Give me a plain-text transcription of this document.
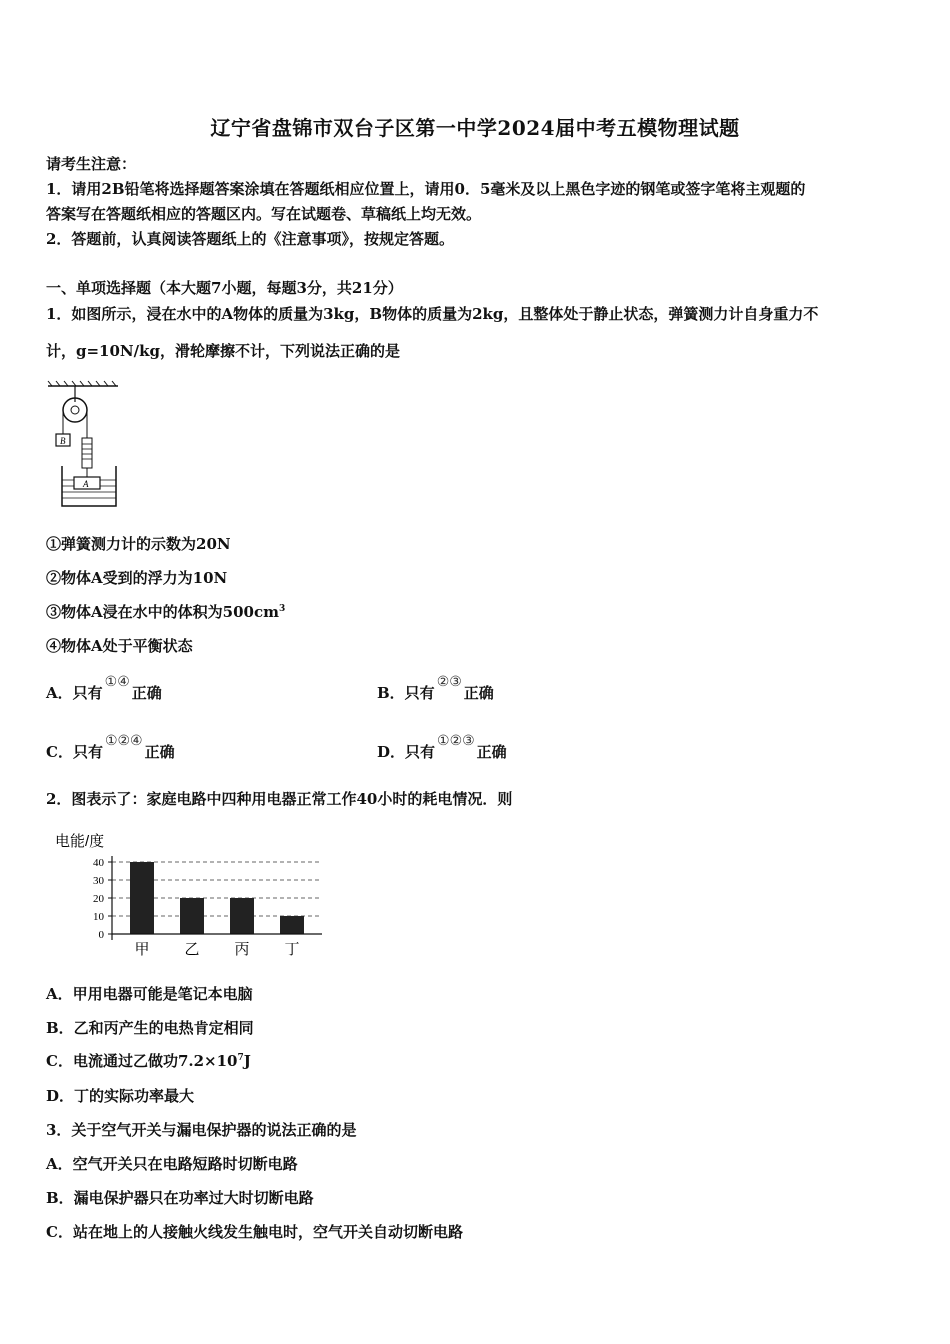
辽宁省盘锦市双台子区第一中学2024届中考五模物理试题
请考生注意：
1．请用2B铅笔将选择题答案涂填在答题纸相应位置上，请用0．5毫米及以上黑色字迹的钢笔或签字笔将主观题的
答案写在答题纸相应的答题区内。写在试题卷、草稿纸上均无效。
2．答题前，认真阅读答题纸上的《注意事项》，按规定答题。
一、单项选择题（本大题7小题，每题3分，共21分）
1．如图所示，浸在水中的A物体的质量为3kg，B物体的质量为2kg，且整体处于静止状态，弹簧测力计自身重力不
计，g=10N/kg，滑轮摩擦不计，下列说法正确的是
B
A
①弹簧测力计的示数为20N
②物体A受到的浮力为10N
③物体A浸在水中的体积为$500cm^3$
④物体A处于平衡状态
A．只有①④正确	B．只有②③正确
C．只有①②④正确	D．只有①②③正确
2．图表示了：家庭电路中四种用电器正常工作40小时的耗电情况．则
电能/度
0
10
20
30
40
甲 乙 丙 丁
A．甲用电器可能是笔记本电脑
B．乙和丙产生的电热肯定相同
C．电流通过乙做功$7.2\times 10^7J$
D．丁的实际功率最大
3．关于空气开关与漏电保护器的说法正确的是
A．空气开关只在电路短路时切断电路
B．漏电保护器只在功率过大时切断电路
C．站在地上的人接触火线发生触电时，空气开关自动切断电路
